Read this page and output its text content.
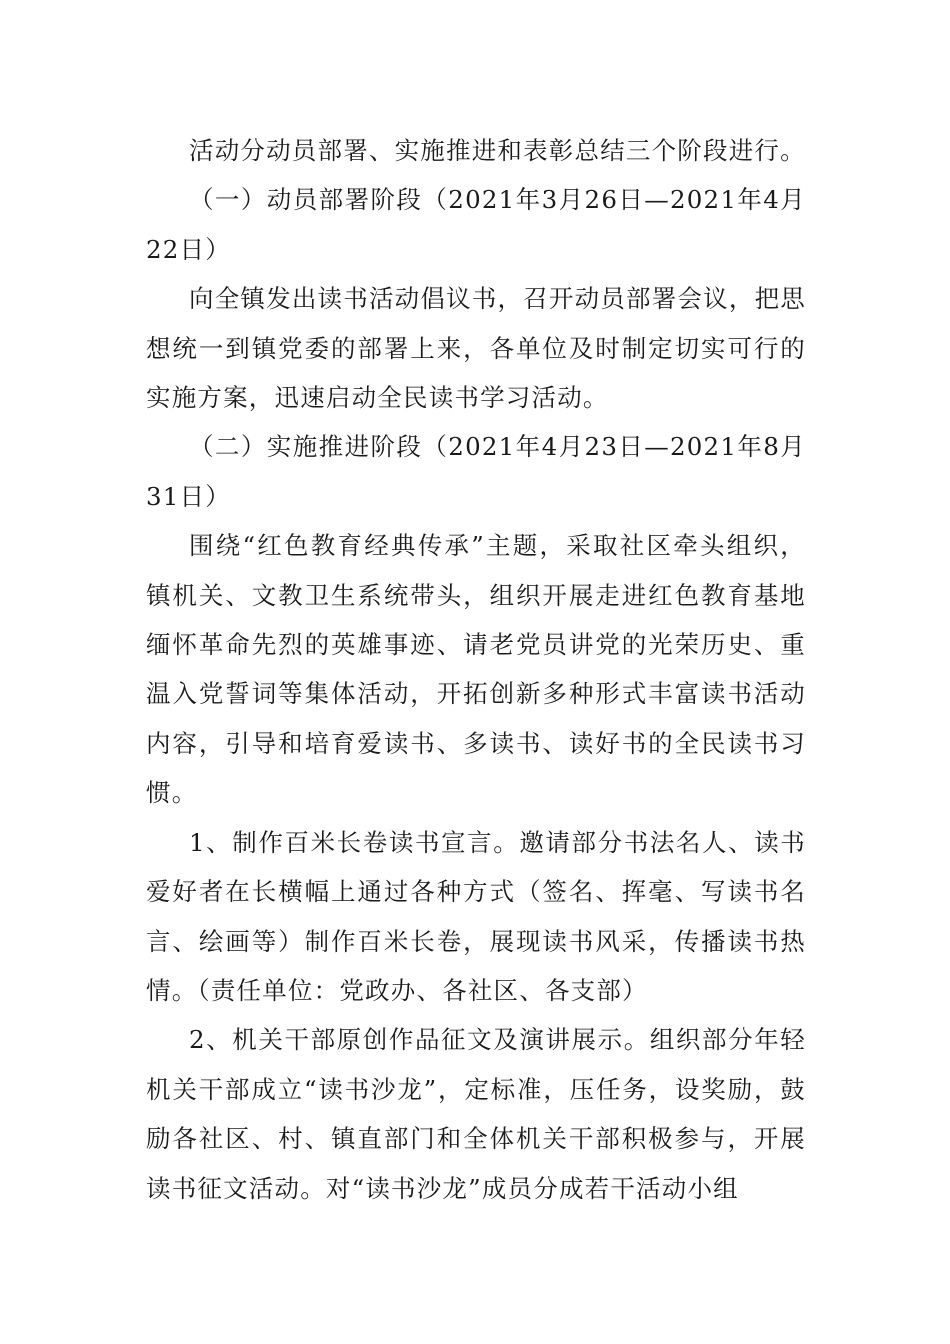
活动分动员部署、实施推进和表彰总结三个阶段进行。

（一）动员部署阶段（2021年3月26日—2021年4月22日）

向全镇发出读书活动倡议书，召开动员部署会议，把思想统一到镇党委的部署上来，各单位及时制定切实可行的实施方案，迅速启动全民读书学习活动。

（二）实施推进阶段（2021年4月23日—2021年8月31日）

围绕“红色教育经典传承”主题，采取社区牵头组织，镇机关、文教卫生系统带头，组织开展走进红色教育基地缅怀革命先烈的英雄事迹、请老党员讲党的光荣历史、重温入党誓词等集体活动，开拓创新多种形式丰富读书活动内容，引导和培育爱读书、多读书、读好书的全民读书习惯。

1、制作百米长卷读书宣言。邀请部分书法名人、读书爱好者在长横幅上通过各种方式（签名、挥毫、写读书名言、绘画等）制作百米长卷，展现读书风采，传播读书热情。（责任单位：党政办、各社区、各支部）

2、机关干部原创作品征文及演讲展示。组织部分年轻机关干部成立“读书沙龙”，定标准，压任务，设奖励，鼓励各社区、村、镇直部门和全体机关干部积极参与，开展读书征文活动。对“读书沙龙”成员分成若干活动小组
